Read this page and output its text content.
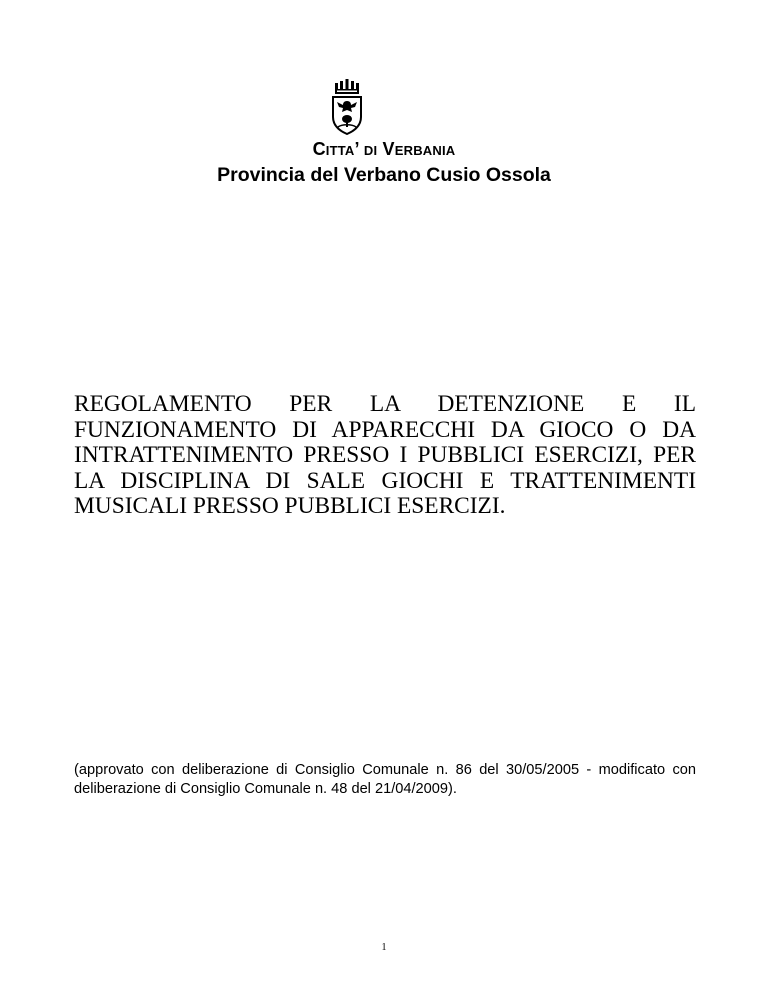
Citta’ di Verbania
Provincia del Verbano Cusio Ossola

REGOLAMENTO PER LA DETENZIONE E IL FUNZIONAMENTO DI APPARECCHI DA GIOCO O DA INTRATTENIMENTO PRESSO I PUBBLICI ESERCIZI, PER LA DISCIPLINA DI SALE GIOCHI E TRATTENIMENTI MUSICALI PRESSO PUBBLICI ESERCIZI.

(approvato con deliberazione di Consiglio Comunale n. 86 del 30/05/2005 - modificato con deliberazione di Consiglio Comunale n. 48 del 21/04/2009).

1
